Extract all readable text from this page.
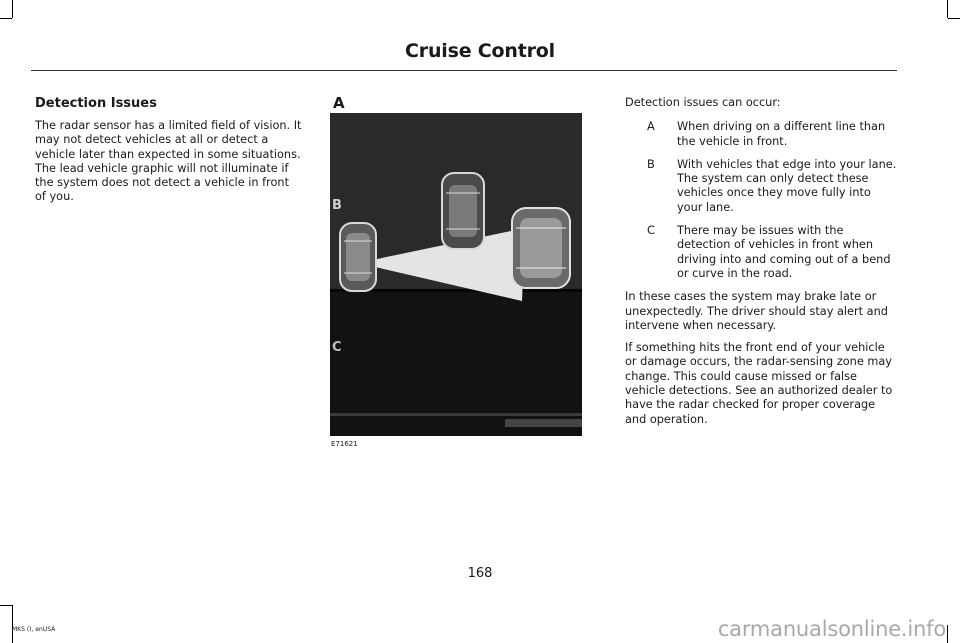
Cruise Control
Detection Issues

The radar sensor has a limited field of vision. It may not detect vehicles at all or detect a vehicle later than expected in some situations. The lead vehicle graphic will not illuminate if the system does not detect a vehicle in front of you.

A
B
C
E71621

Detection issues can occur:

A	When driving on a different line than the vehicle in front.
B	With vehicles that edge into your lane. The system can only detect these vehicles once they move fully into your lane.
C	There may be issues with the detection of vehicles in front when driving into and coming out of a bend or curve in the road.

In these cases the system may brake late or unexpectedly. The driver should stay alert and intervene when necessary.

If something hits the front end of your vehicle or damage occurs, the radar-sensing zone may change. This could cause missed or false vehicle detections. See an authorized dealer to have the radar checked for proper coverage and operation.

168
MKS (), enUSA	carmanualsonline.info
